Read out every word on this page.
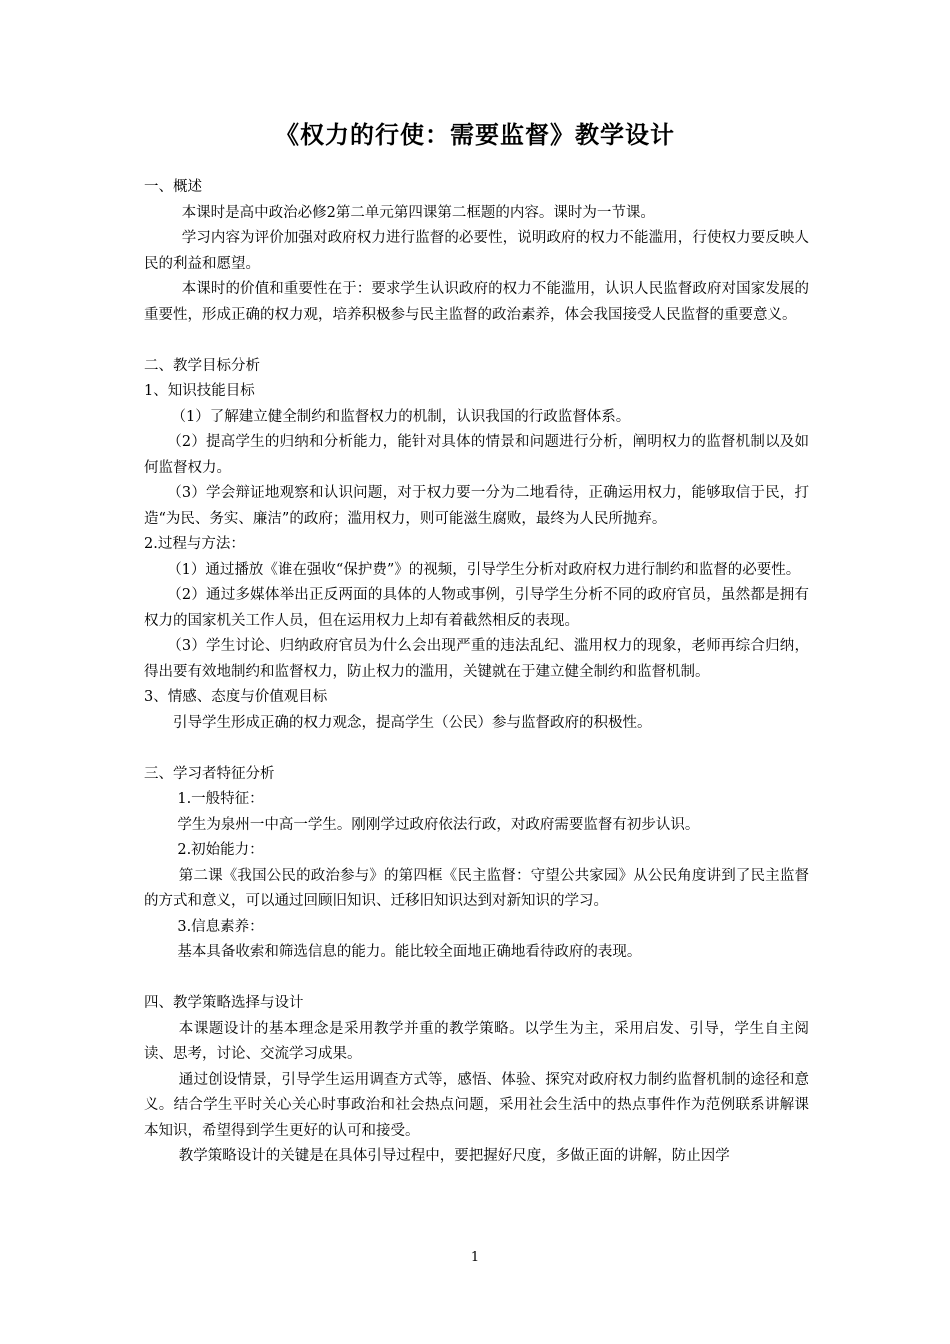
《权力的行使：需要监督》教学设计

一、概述

本课时是高中政治必修2第二单元第四课第二框题的内容。课时为一节课。

学习内容为评价加强对政府权力进行监督的必要性，说明政府的权力不能滥用，行使权力要反映人民的利益和愿望。

本课时的价值和重要性在于：要求学生认识政府的权力不能滥用，认识人民监督政府对国家发展的重要性，形成正确的权力观，培养积极参与民主监督的政治素养，体会我国接受人民监督的重要意义。

二、教学目标分析

1、知识技能目标

（1）了解建立健全制约和监督权力的机制，认识我国的行政监督体系。

（2）提高学生的归纳和分析能力，能针对具体的情景和问题进行分析，阐明权力的监督机制以及如何监督权力。

（3）学会辩证地观察和认识问题，对于权力要一分为二地看待，正确运用权力，能够取信于民，打造“为民、务实、廉洁”的政府；滥用权力，则可能滋生腐败，最终为人民所抛弃。

2.过程与方法：

（1）通过播放《谁在强收“保护费”》的视频，引导学生分析对政府权力进行制约和监督的必要性。

（2）通过多媒体举出正反两面的具体的人物或事例，引导学生分析不同的政府官员，虽然都是拥有权力的国家机关工作人员，但在运用权力上却有着截然相反的表现。

（3）学生讨论、归纳政府官员为什么会出现严重的违法乱纪、滥用权力的现象，老师再综合归纳，得出要有效地制约和监督权力，防止权力的滥用，关键就在于建立健全制约和监督机制。

3、情感、态度与价值观目标

引导学生形成正确的权力观念，提高学生（公民）参与监督政府的积极性。

三、学习者特征分析

1.一般特征：

学生为泉州一中高一学生。刚刚学过政府依法行政，对政府需要监督有初步认识。

2.初始能力：

第二课《我国公民的政治参与》的第四框《民主监督：守望公共家园》从公民角度讲到了民主监督的方式和意义，可以通过回顾旧知识、迁移旧知识达到对新知识的学习。

3.信息素养：

基本具备收索和筛选信息的能力。能比较全面地正确地看待政府的表现。

四、教学策略选择与设计

本课题设计的基本理念是采用教学并重的教学策略。以学生为主，采用启发、引导，学生自主阅读、思考，讨论、交流学习成果。

通过创设情景，引导学生运用调查方式等，感悟、体验、探究对政府权力制约监督机制的途径和意义。结合学生平时关心关心时事政治和社会热点问题，采用社会生活中的热点事件作为范例联系讲解课本知识，希望得到学生更好的认可和接受。

教学策略设计的关键是在具体引导过程中，要把握好尺度，多做正面的讲解，防止因学

1
